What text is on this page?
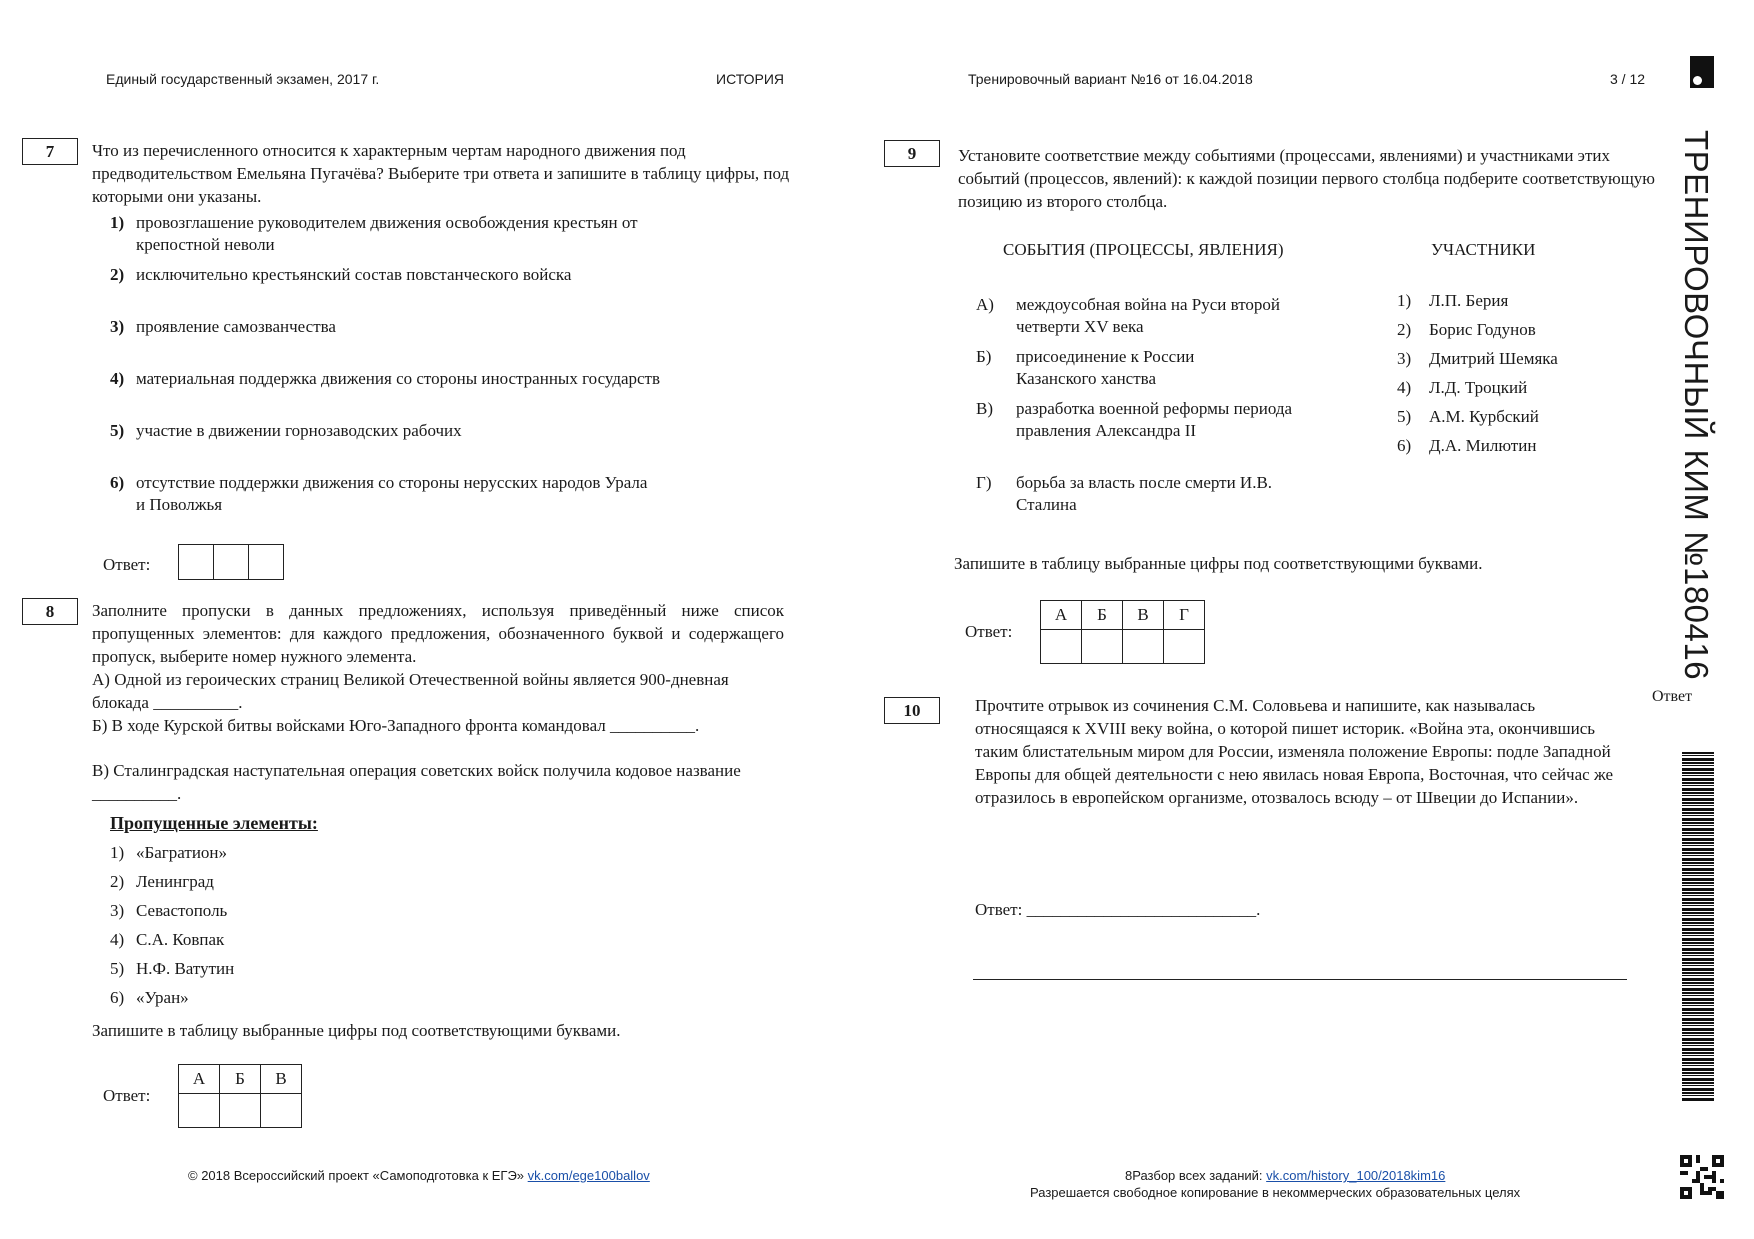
Единый государственный экзамен, 2017 г.	ИСТОРИЯ	Тренировочный вариант №16 от 16.04.2018	3 / 12
ТРЕНИРОВОЧНЫЙ КИМ №180416
Ответ
7	Что из перечисленного относится к характерным чертам народного движения под предводительством Емельяна Пугачёва? Выберите три ответа и запишите в таблицу цифры, под которыми они указаны.
1) провозглашение руководителем движения освобождения крестьян от
крепостной неволи
2) исключительно крестьянский состав повстанческого войска
3) проявление самозванчества
4) материальная поддержка движения со стороны иностранных государств
5) участие в движении горнозаводских рабочих
6) отсутствие поддержки движения со стороны нерусских народов Урала
и Поволжья
Ответ:

8	Заполните пропуски в данных предложениях, используя приведённый ниже список пропущенных элементов: для каждого предложения, обозначенного буквой и содержащего пропуск, выберите номер нужного элемента.
А) Одной из героических страниц Великой Отечественной войны является 900-дневная блокада __________.
Б) В ходе Курской битвы войсками Юго-Западного фронта командовал __________.
В) Сталинградская наступательная операция советских войск получила кодовое название __________.
Пропущенные элементы:
1) «Багратион»
2) Ленинград
3) Севастополь
4) С.А. Ковпак
5) Н.Ф. Ватутин
6) «Уран»
Запишите в таблицу выбранные цифры под соответствующими буквами.
Ответ:
А	Б	В

9	Установите соответствие между событиями (процессами, явлениями) и участниками этих событий (процессов, явлений): к каждой позиции первого столбца подберите соответствующую позицию из второго столбца.
СОБЫТИЯ (ПРОЦЕССЫ, ЯВЛЕНИЯ)	УЧАСТНИКИ
А) междоусобная война на Руси второй четверти XV века
Б) присоединение к России Казанского ханства
В) разработка военной реформы периода правления Александра II
Г) борьба за власть после смерти И.В. Сталина
1) Л.П. Берия
2) Борис Годунов
3) Дмитрий Шемяка
4) Л.Д. Троцкий
5) А.М. Курбский
6) Д.А. Милютин
Запишите в таблицу выбранные цифры под соответствующими буквами.
Ответ:
А	Б	В	Г

10	Прочтите отрывок из сочинения С.М. Соловьева и напишите, как называлась относящаяся к XVIII веку война, о которой пишет историк. «Война эта, окончившись таким блистательным миром для России, изменяла положение Европы: подле Западной Европы для общей деятельности с нею явилась новая Европа, Восточная, что сейчас же отразилось в европейском организме, отозвалось всюду – от Швеции до Испании».
Ответ: ___________________________.
© 2018 Всероссийский проект «Самоподготовка к ЕГЭ» vk.com/ege100ballov	8Разбор всех заданий: vk.com/history_100/2018kim16
Разрешается свободное копирование в некоммерческих образовательных целях
